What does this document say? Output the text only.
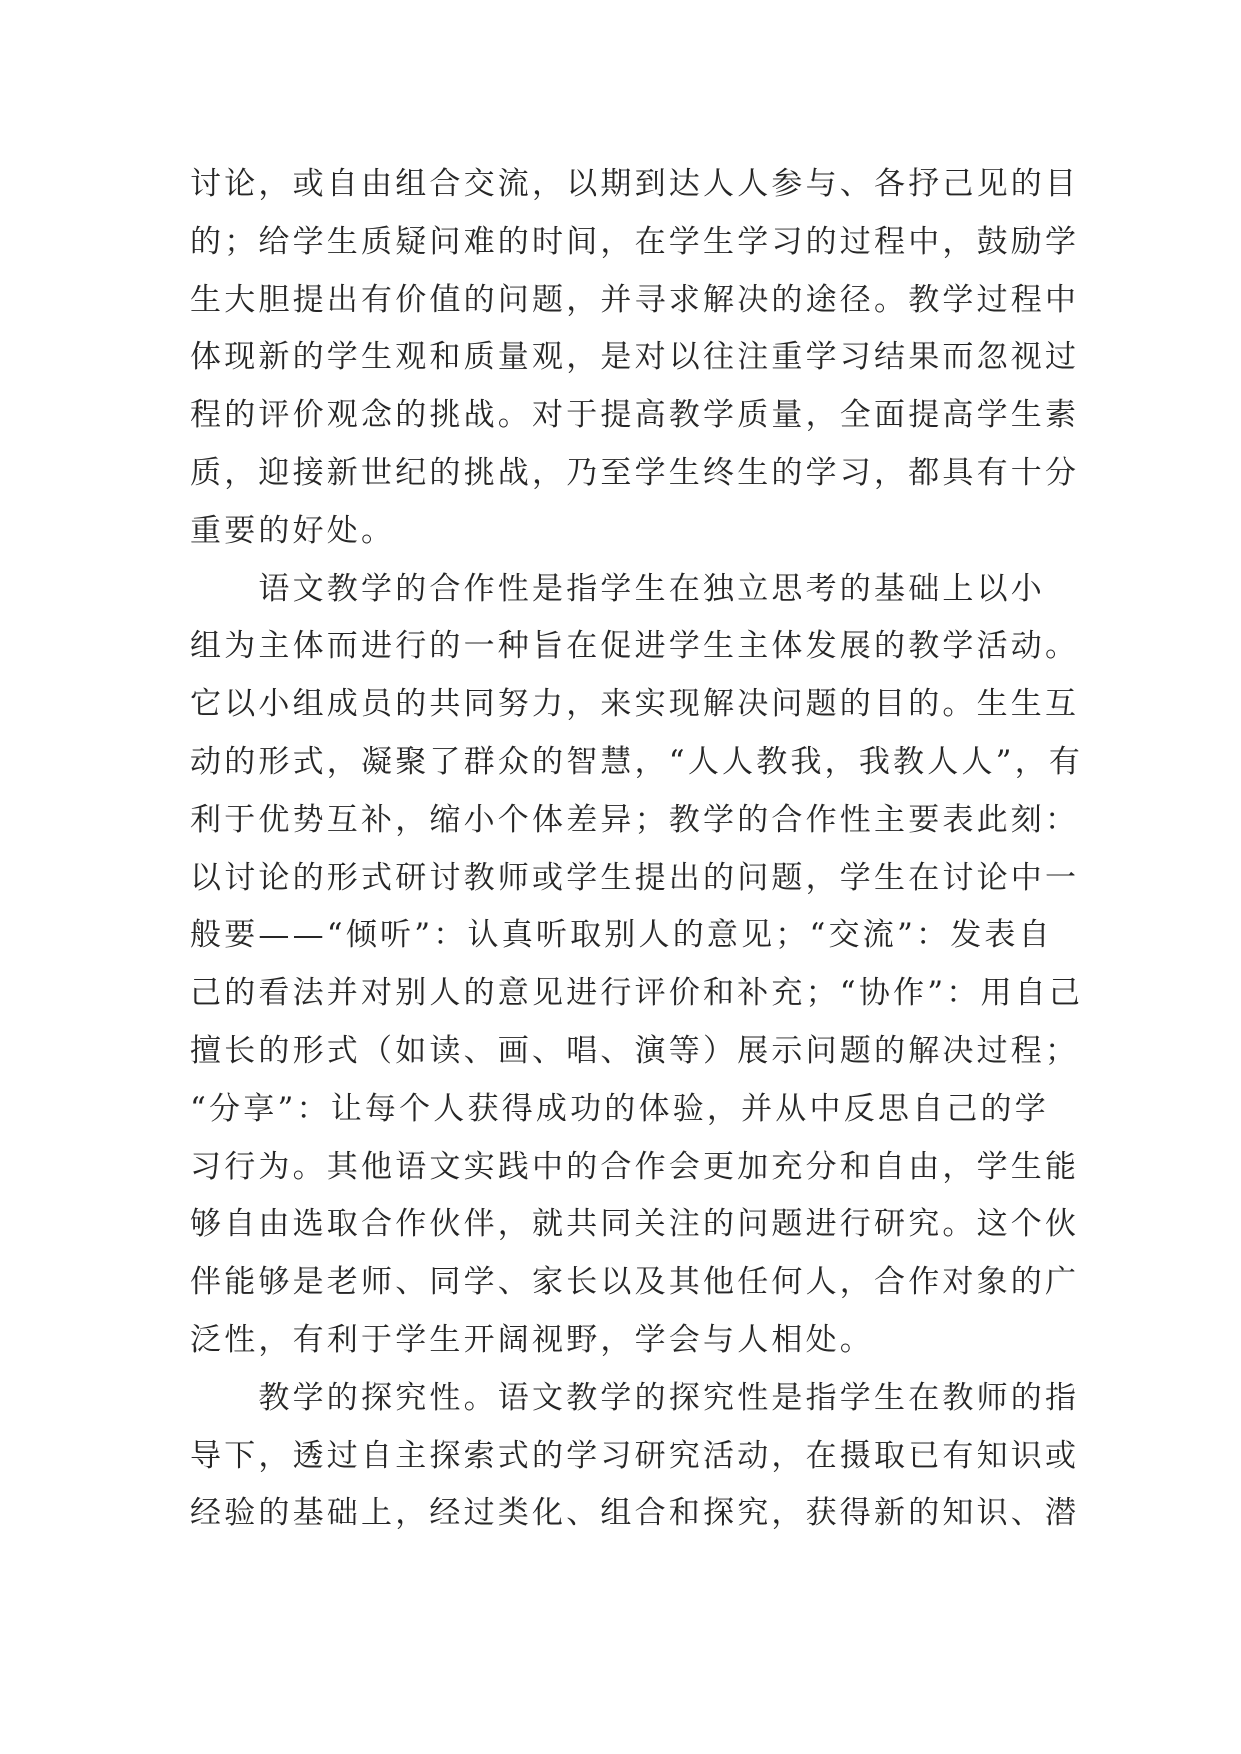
讨论，或自由组合交流，以期到达人人参与、各抒己见的目
的；给学生质疑问难的时间，在学生学习的过程中，鼓励学
生大胆提出有价值的问题，并寻求解决的途径。教学过程中
体现新的学生观和质量观，是对以往注重学习结果而忽视过
程的评价观念的挑战。对于提高教学质量，全面提高学生素
质，迎接新世纪的挑战，乃至学生终生的学习，都具有十分
重要的好处。
　　语文教学的合作性是指学生在独立思考的基础上以小
组为主体而进行的一种旨在促进学生主体发展的教学活动。
它以小组成员的共同努力，来实现解决问题的目的。生生互
动的形式，凝聚了群众的智慧，“人人教我，我教人人”，有
利于优势互补，缩小个体差异；教学的合作性主要表此刻：
以讨论的形式研讨教师或学生提出的问题，学生在讨论中一
般要——“倾听”：认真听取别人的意见；“交流”：发表自
己的看法并对别人的意见进行评价和补充；“协作”：用自己
擅长的形式（如读、画、唱、演等）展示问题的解决过程；
“分享”：让每个人获得成功的体验，并从中反思自己的学
习行为。其他语文实践中的合作会更加充分和自由，学生能
够自由选取合作伙伴，就共同关注的问题进行研究。这个伙
伴能够是老师、同学、家长以及其他任何人，合作对象的广
泛性，有利于学生开阔视野，学会与人相处。
　　教学的探究性。语文教学的探究性是指学生在教师的指
导下，透过自主探索式的学习研究活动，在摄取已有知识或
经验的基础上，经过类化、组合和探究，获得新的知识、潜
